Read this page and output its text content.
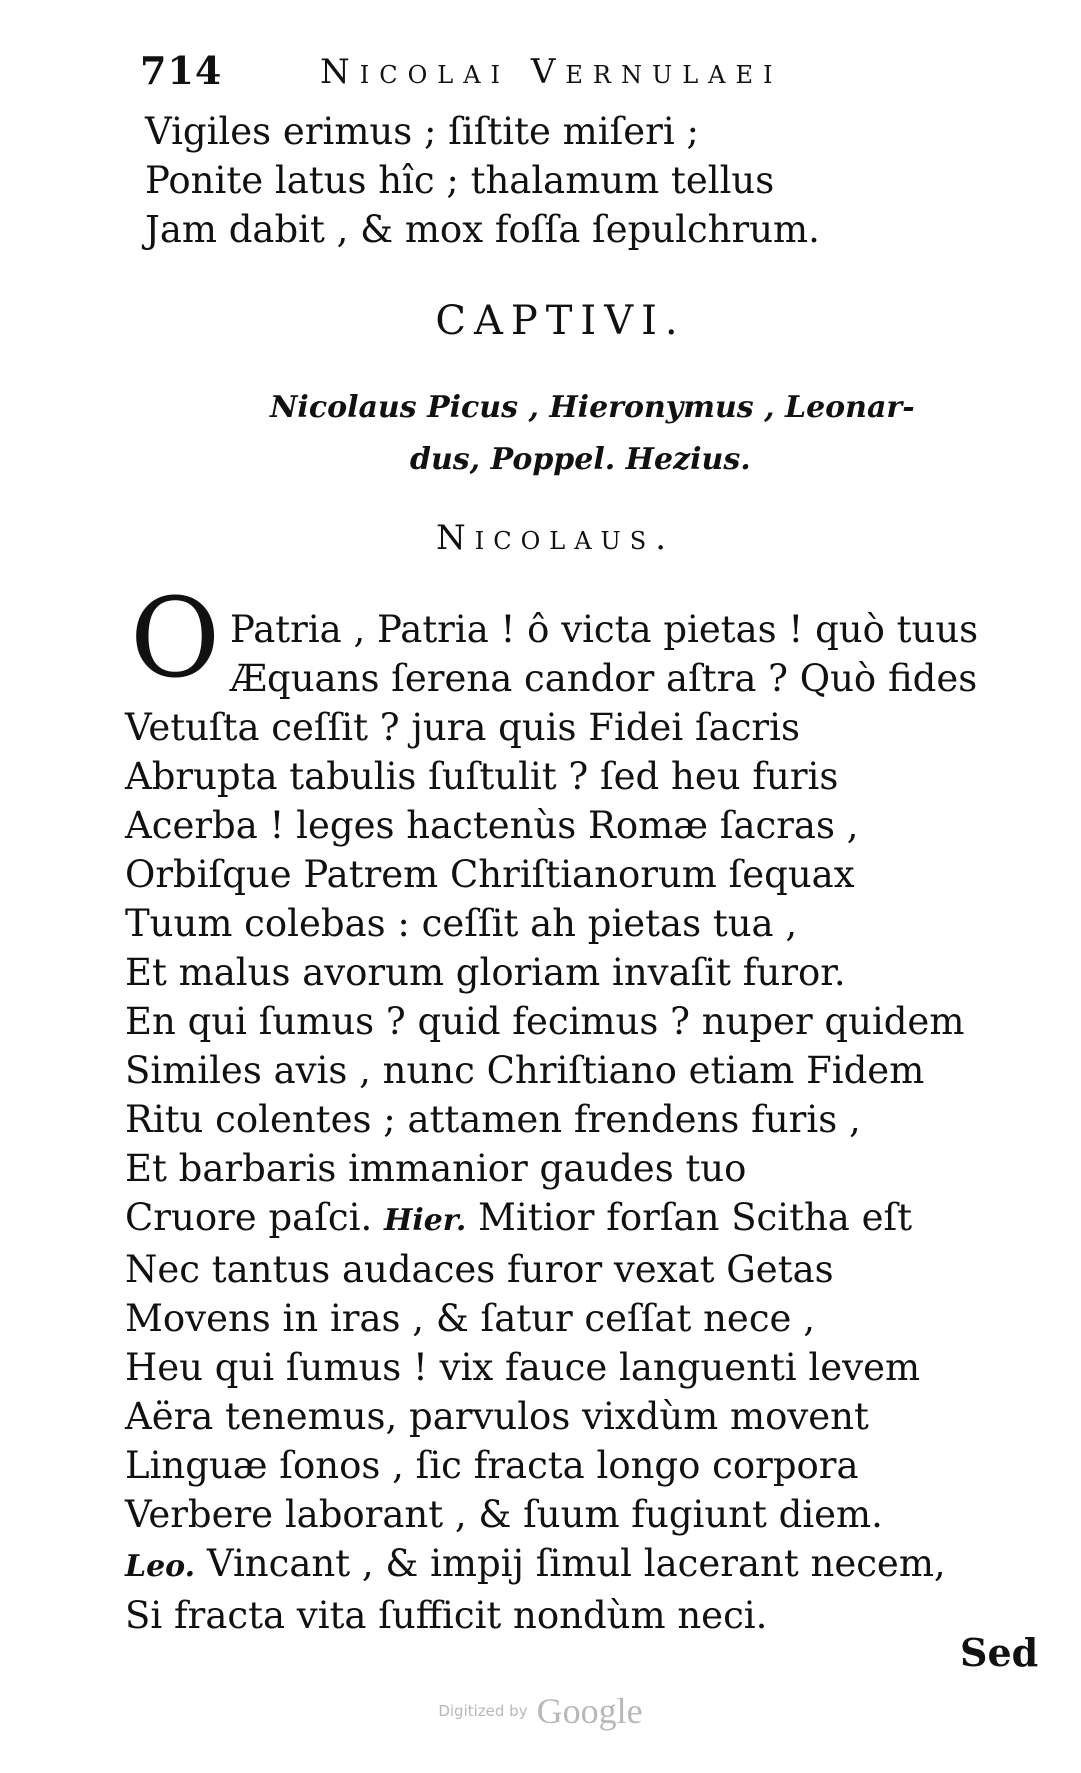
714	Nicolai Vernulaei
Vigiles erimus ; ſiſtite miſeri ;
Ponite latus hîc ; thalamum tellus
Jam dabit , & mox foſſa ſepulchrum.
CAPTIVI.
Nicolaus Picus , Hieronymus , Leonar-
dus, Poppel. Hezius.
Nicolaus.
O Patria , Patria ! ô victa pietas ! quò tuus
Æquans ſerena candor aſtra ? Quò fides
Vetuſta ceſſit ? jura quis Fidei ſacris
Abrupta tabulis ſuſtulit ? ſed heu furis
Acerba ! leges hactenùs Romæ ſacras ,
Orbiſque Patrem Chriſtianorum ſequax
Tuum colebas : ceſſit ah pietas tua ,
Et malus avorum gloriam invaſit furor.
En qui ſumus ? quid fecimus ? nuper quidem
Similes avis , nunc Chriſtiano etiam Fidem
Ritu colentes ; attamen frendens furis ,
Et barbaris immanior gaudes tuo
Cruore paſci. Hier. Mitior forſan Scitha eſt
Nec tantus audaces furor vexat Getas
Movens in iras , & ſatur ceſſat nece ,
Heu qui ſumus ! vix fauce languenti levem
Aëra tenemus, parvulos vixdùm movent
Linguæ ſonos , ſic fracta longo corpora
Verbere laborant , & ſuum fugiunt diem.
Leo. Vincant , & impij ſimul lacerant necem,
Si fracta vita ſufficit nondùm neci.
Sed
Digitized by Google
